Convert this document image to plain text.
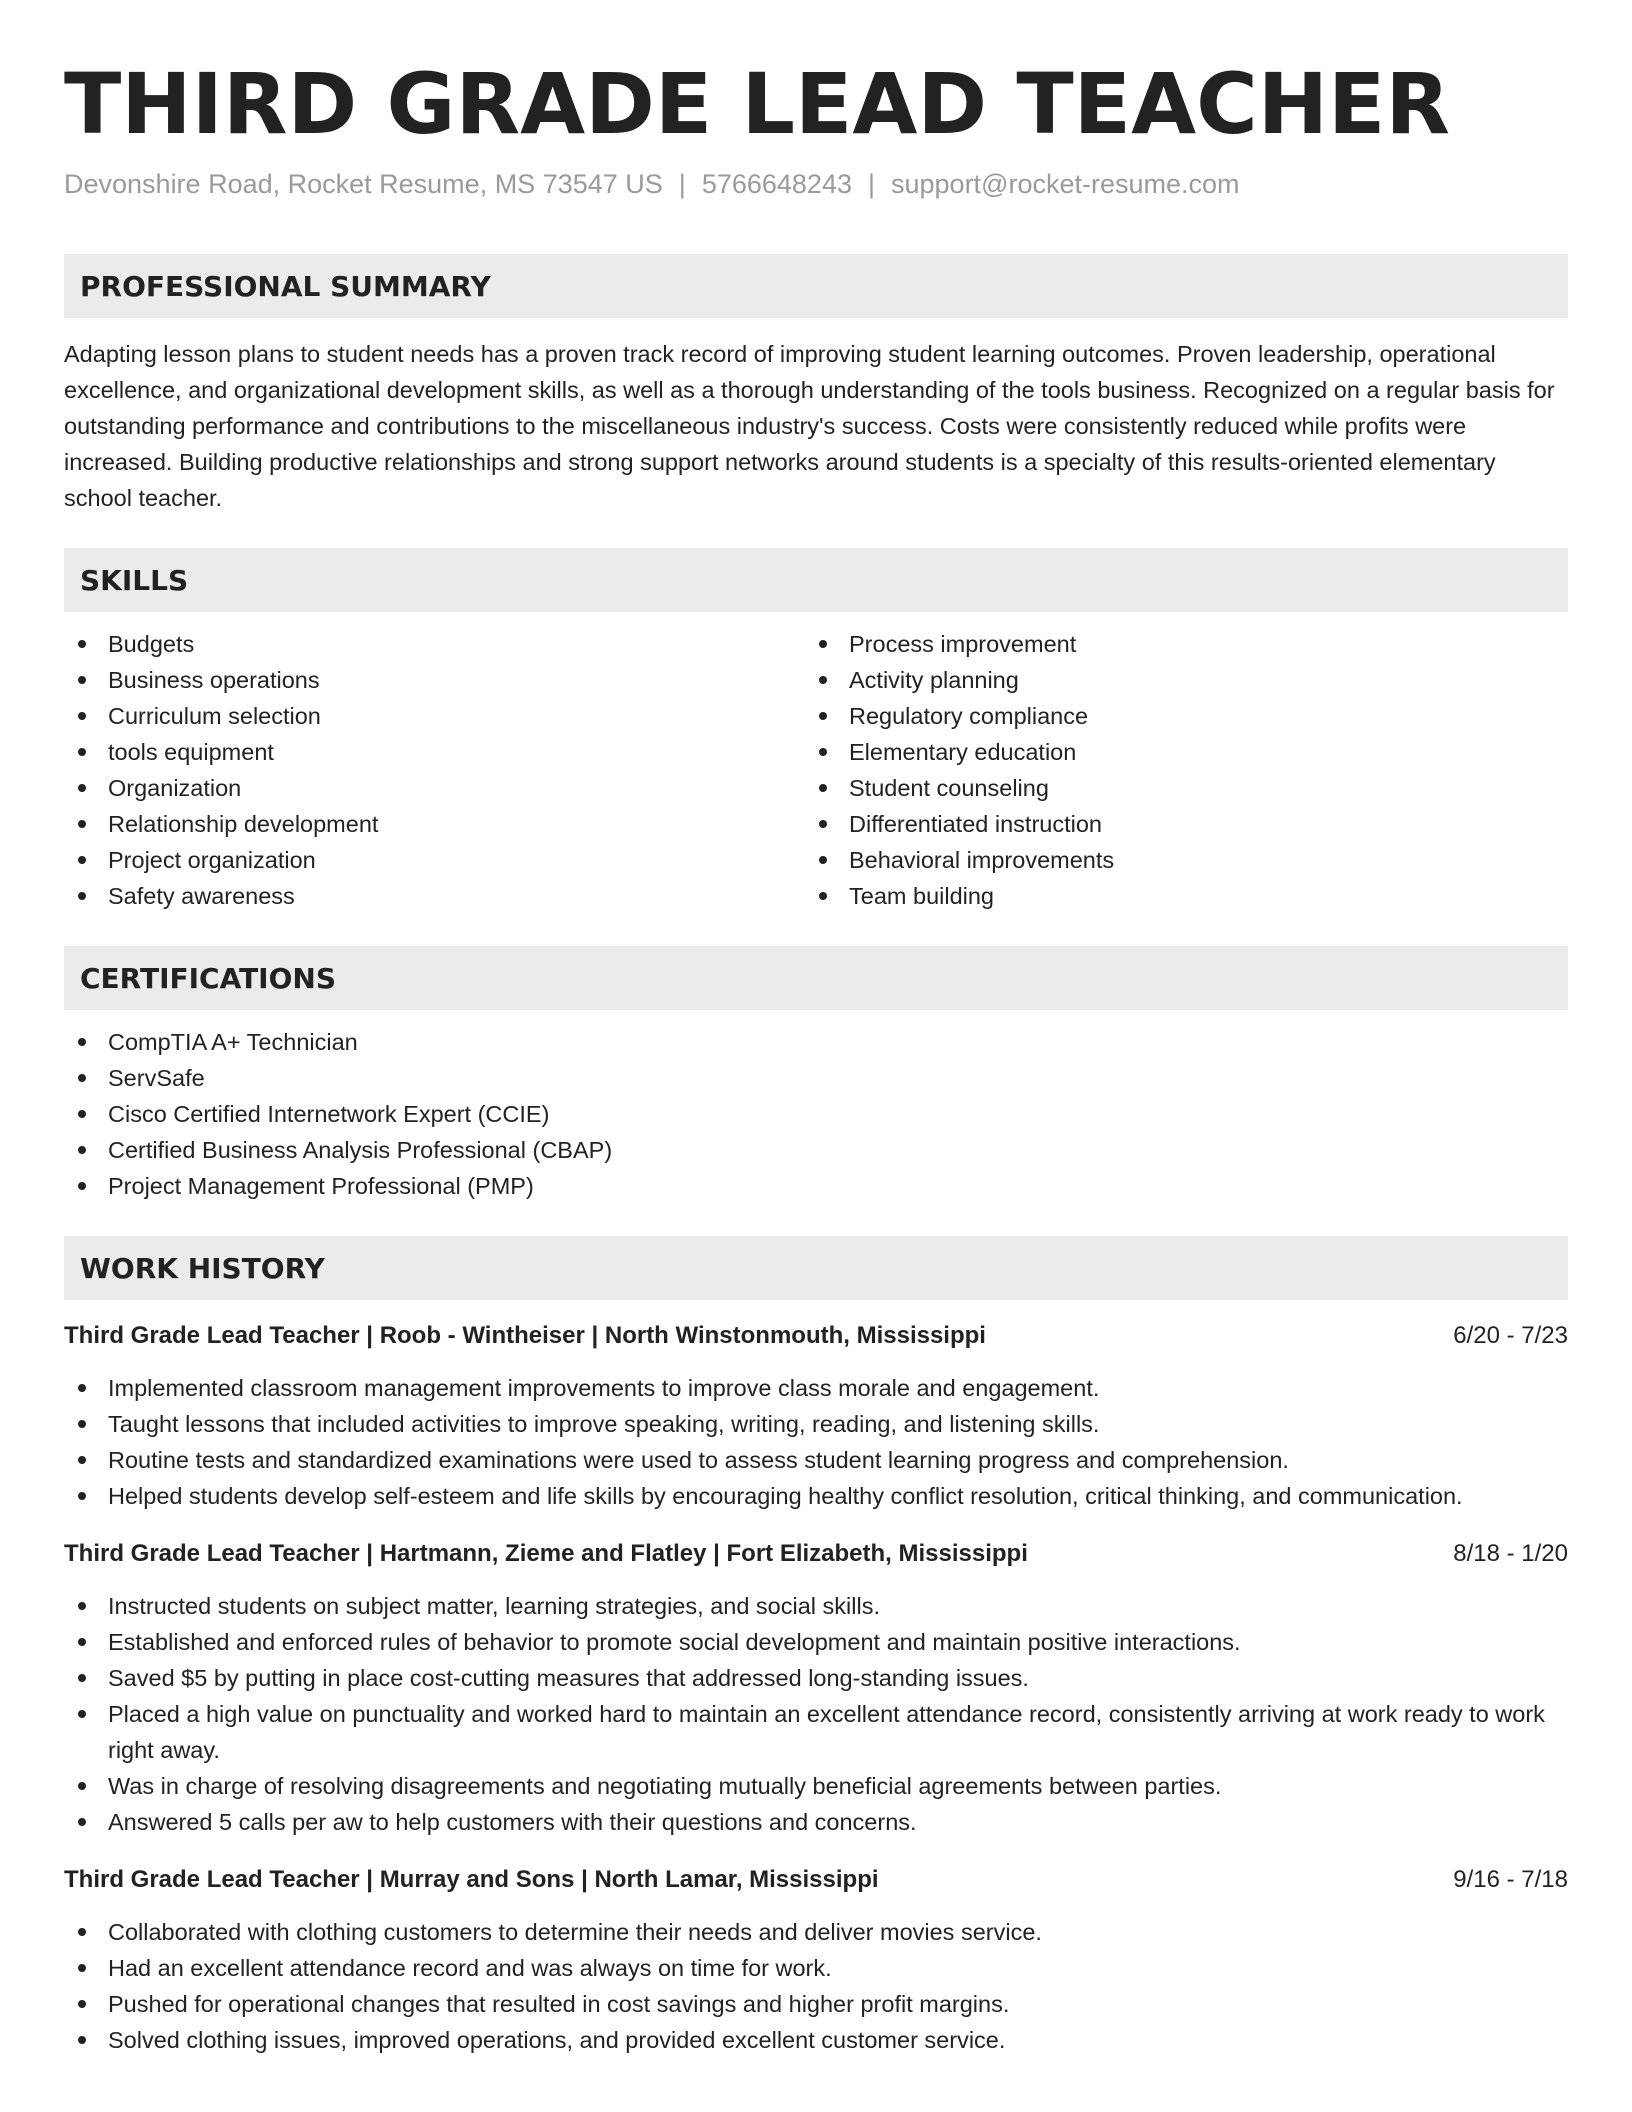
THIRD GRADE LEAD TEACHER
Devonshire Road, Rocket Resume, MS 73547 US | 5766648243 | support@rocket-resume.com
PROFESSIONAL SUMMARY
Adapting lesson plans to student needs has a proven track record of improving student learning outcomes. Proven leadership, operational excellence, and organizational development skills, as well as a thorough understanding of the tools business. Recognized on a regular basis for outstanding performance and contributions to the miscellaneous industry's success. Costs were consistently reduced while profits were increased. Building productive relationships and strong support networks around students is a specialty of this results-oriented elementary school teacher.
SKILLS
Budgets
Business operations
Curriculum selection
tools equipment
Organization
Relationship development
Project organization
Safety awareness
Process improvement
Activity planning
Regulatory compliance
Elementary education
Student counseling
Differentiated instruction
Behavioral improvements
Team building
CERTIFICATIONS
CompTIA A+ Technician
ServSafe
Cisco Certified Internetwork Expert (CCIE)
Certified Business Analysis Professional (CBAP)
Project Management Professional (PMP)
WORK HISTORY
Third Grade Lead Teacher | Roob - Wintheiser | North Winstonmouth, Mississippi	6/20 - 7/23
Implemented classroom management improvements to improve class morale and engagement.
Taught lessons that included activities to improve speaking, writing, reading, and listening skills.
Routine tests and standardized examinations were used to assess student learning progress and comprehension.
Helped students develop self-esteem and life skills by encouraging healthy conflict resolution, critical thinking, and communication.
Third Grade Lead Teacher | Hartmann, Zieme and Flatley | Fort Elizabeth, Mississippi	8/18 - 1/20
Instructed students on subject matter, learning strategies, and social skills.
Established and enforced rules of behavior to promote social development and maintain positive interactions.
Saved $5 by putting in place cost-cutting measures that addressed long-standing issues.
Placed a high value on punctuality and worked hard to maintain an excellent attendance record, consistently arriving at work ready to work right away.
Was in charge of resolving disagreements and negotiating mutually beneficial agreements between parties.
Answered 5 calls per aw to help customers with their questions and concerns.
Third Grade Lead Teacher | Murray and Sons | North Lamar, Mississippi	9/16 - 7/18
Collaborated with clothing customers to determine their needs and deliver movies service.
Had an excellent attendance record and was always on time for work.
Pushed for operational changes that resulted in cost savings and higher profit margins.
Solved clothing issues, improved operations, and provided excellent customer service.
